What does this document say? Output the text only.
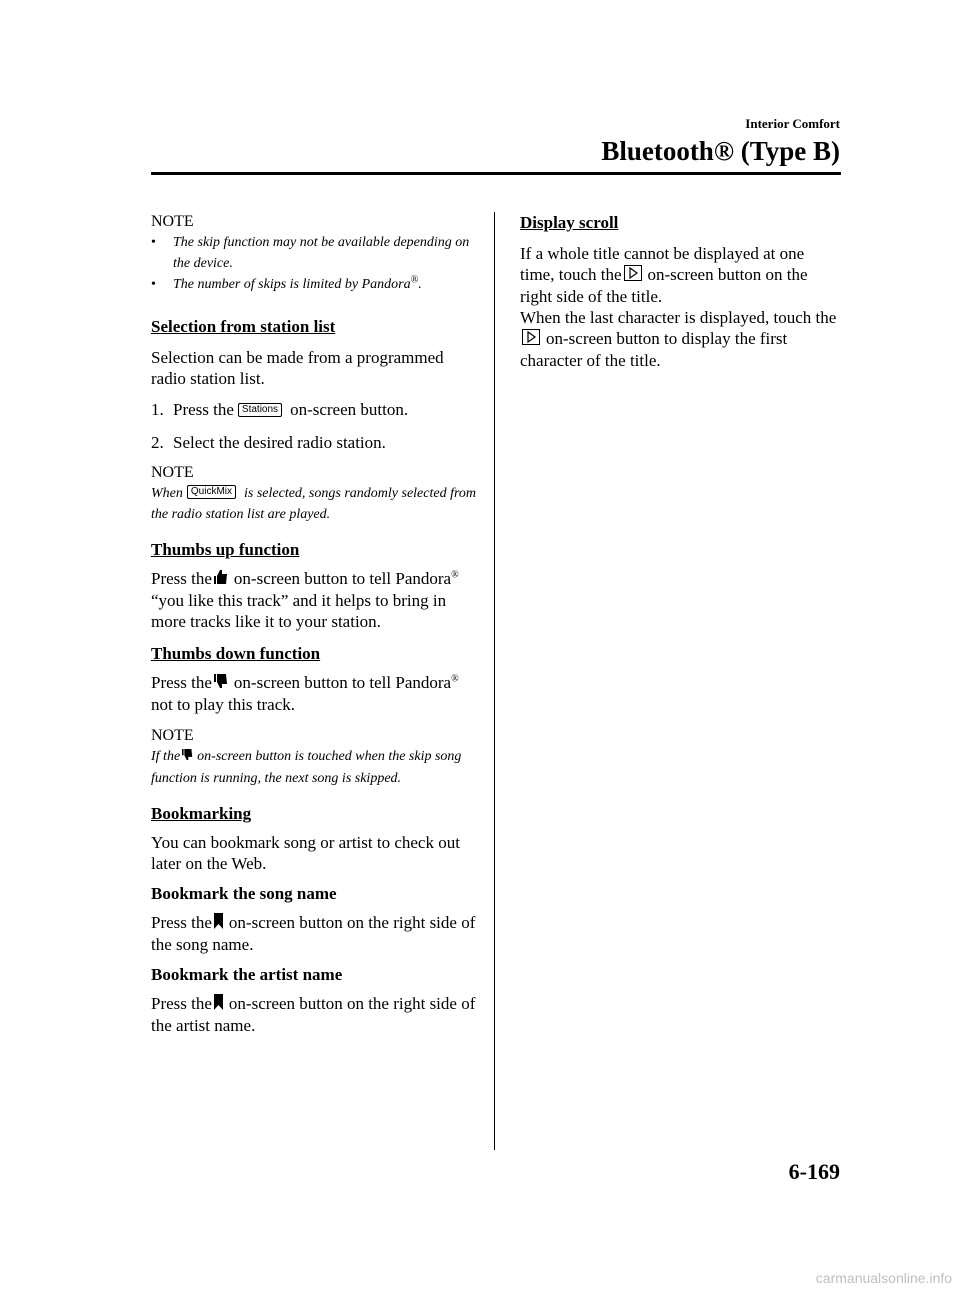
Interior Comfort
Bluetooth® (Type B)

NOTE

• The skip function may not be available depending on the device.
• The number of skips is limited by Pandora®.

Selection from station list

Selection can be made from a programmed radio station list.

1. Press the Stations on-screen button.

2. Select the desired radio station.

NOTE

When QuickMix is selected, songs randomly selected from the radio station list are played.

Thumbs up function

Press the on-screen button to tell Pandora® “you like this track” and it helps to bring in more tracks like it to your station.

Thumbs down function

Press the on-screen button to tell Pandora® not to play this track.

NOTE

If the on-screen button is touched when the skip song function is running, the next song is skipped.

Bookmarking

You can bookmark song or artist to check out later on the Web.

Bookmark the song name

Press the on-screen button on the right side of the song name.

Bookmark the artist name

Press the on-screen button on the right side of the artist name.

Display scroll

If a whole title cannot be displayed at one time, touch the on-screen button on the right side of the title.
When the last character is displayed, touch theon-screen button to display the first character of the title.

6-169
carmanualsonline.info
